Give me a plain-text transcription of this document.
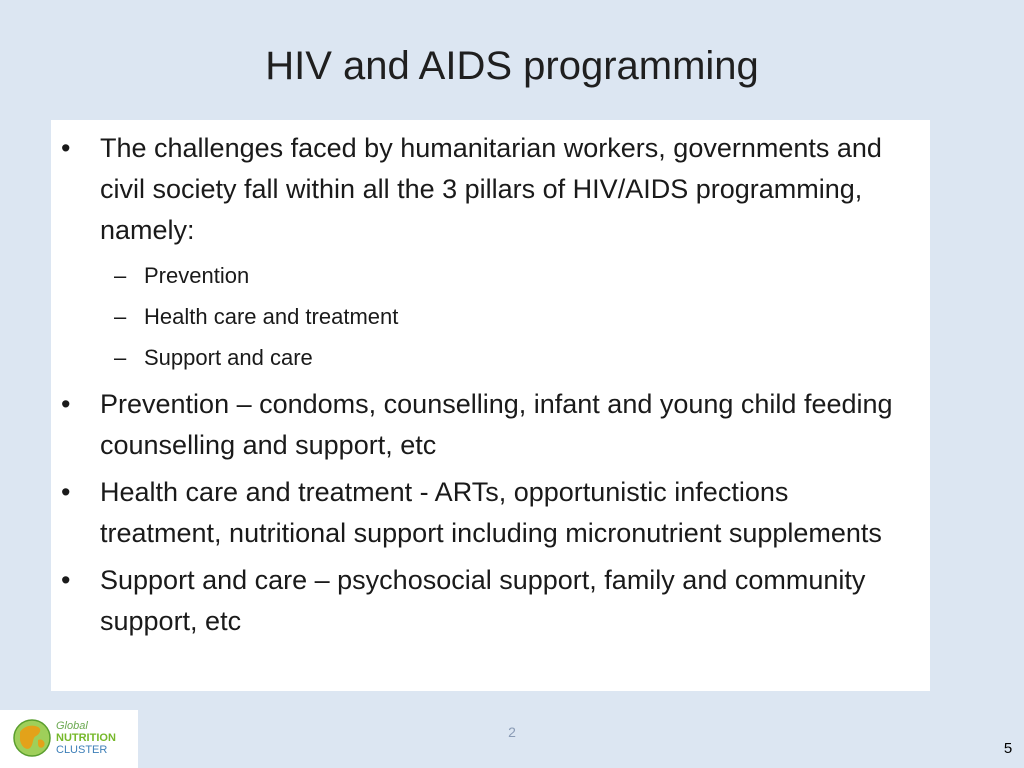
HIV and AIDS programming
• The challenges faced by humanitarian workers, governments and civil society fall within all the 3 pillars of HIV/AIDS programming, namely:
– Prevention
– Health care and treatment
– Support and care
• Prevention – condoms, counselling, infant and young child feeding counselling and support, etc
• Health care and treatment - ARTs, opportunistic infections treatment, nutritional support including micronutrient supplements
• Support and care – psychosocial support, family and community support, etc
Global
NUTRITION
CLUSTER
2
5
